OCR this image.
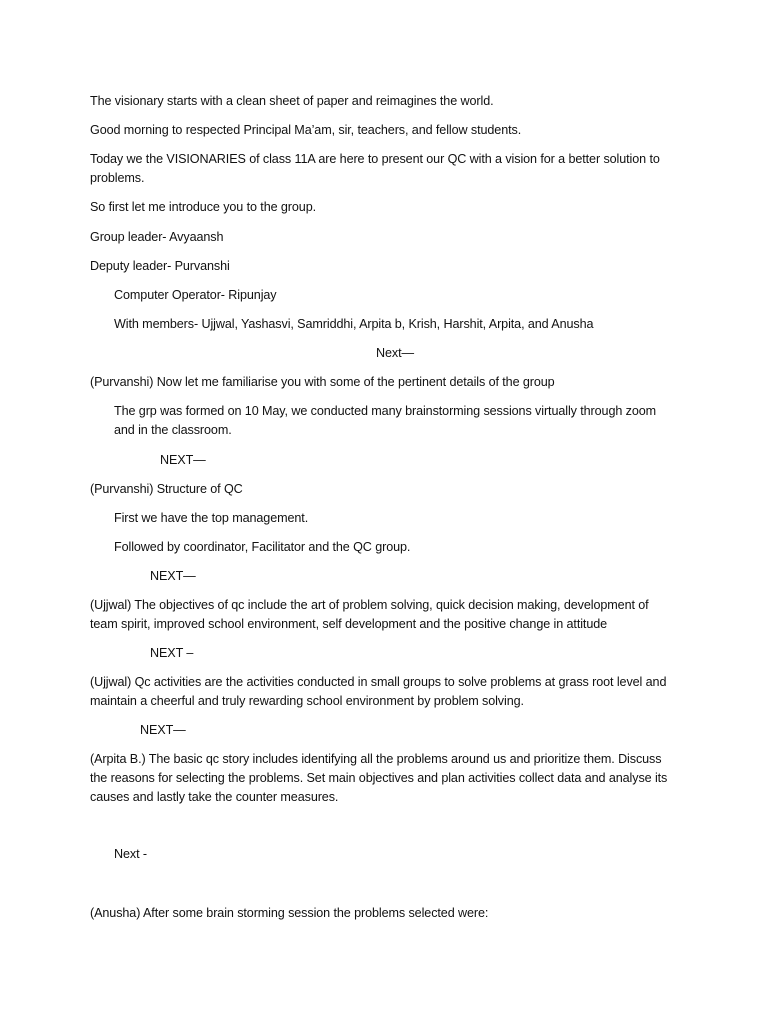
The visionary starts with a clean sheet of paper and reimagines the world.
Good morning to respected Principal Ma’am, sir, teachers, and fellow students.
Today we the VISIONARIES of class 11A are here to present our QC with a vision for a better solution to problems.
So first let me introduce you to the group.
Group leader- Avyaansh
Deputy leader- Purvanshi
Computer Operator- Ripunjay
With members- Ujjwal, Yashasvi, Samriddhi, Arpita b, Krish, Harshit, Arpita, and Anusha
Next—
(Purvanshi) Now let me familiarise you with some of the pertinent details of the group
The grp was formed on 10 May, we conducted many brainstorming sessions virtually through zoom and in the classroom.
NEXT—
(Purvanshi) Structure of QC
First we have the top management.
Followed by coordinator, Facilitator and the QC group.
NEXT—
(Ujjwal) The objectives of qc include the art of problem solving, quick decision making, development of team spirit, improved school environment, self development and the positive change in attitude
NEXT –
(Ujjwal) Qc activities are the activities conducted in small groups to solve problems at grass root level and maintain a cheerful and truly rewarding school environment by problem solving.
NEXT—
(Arpita B.) The basic qc story includes identifying all the problems around us and prioritize them. Discuss the reasons for selecting the problems. Set main objectives and plan activities collect data and analyse its causes and lastly take the counter measures.
Next -
(Anusha) After some brain storming session the problems selected were:
